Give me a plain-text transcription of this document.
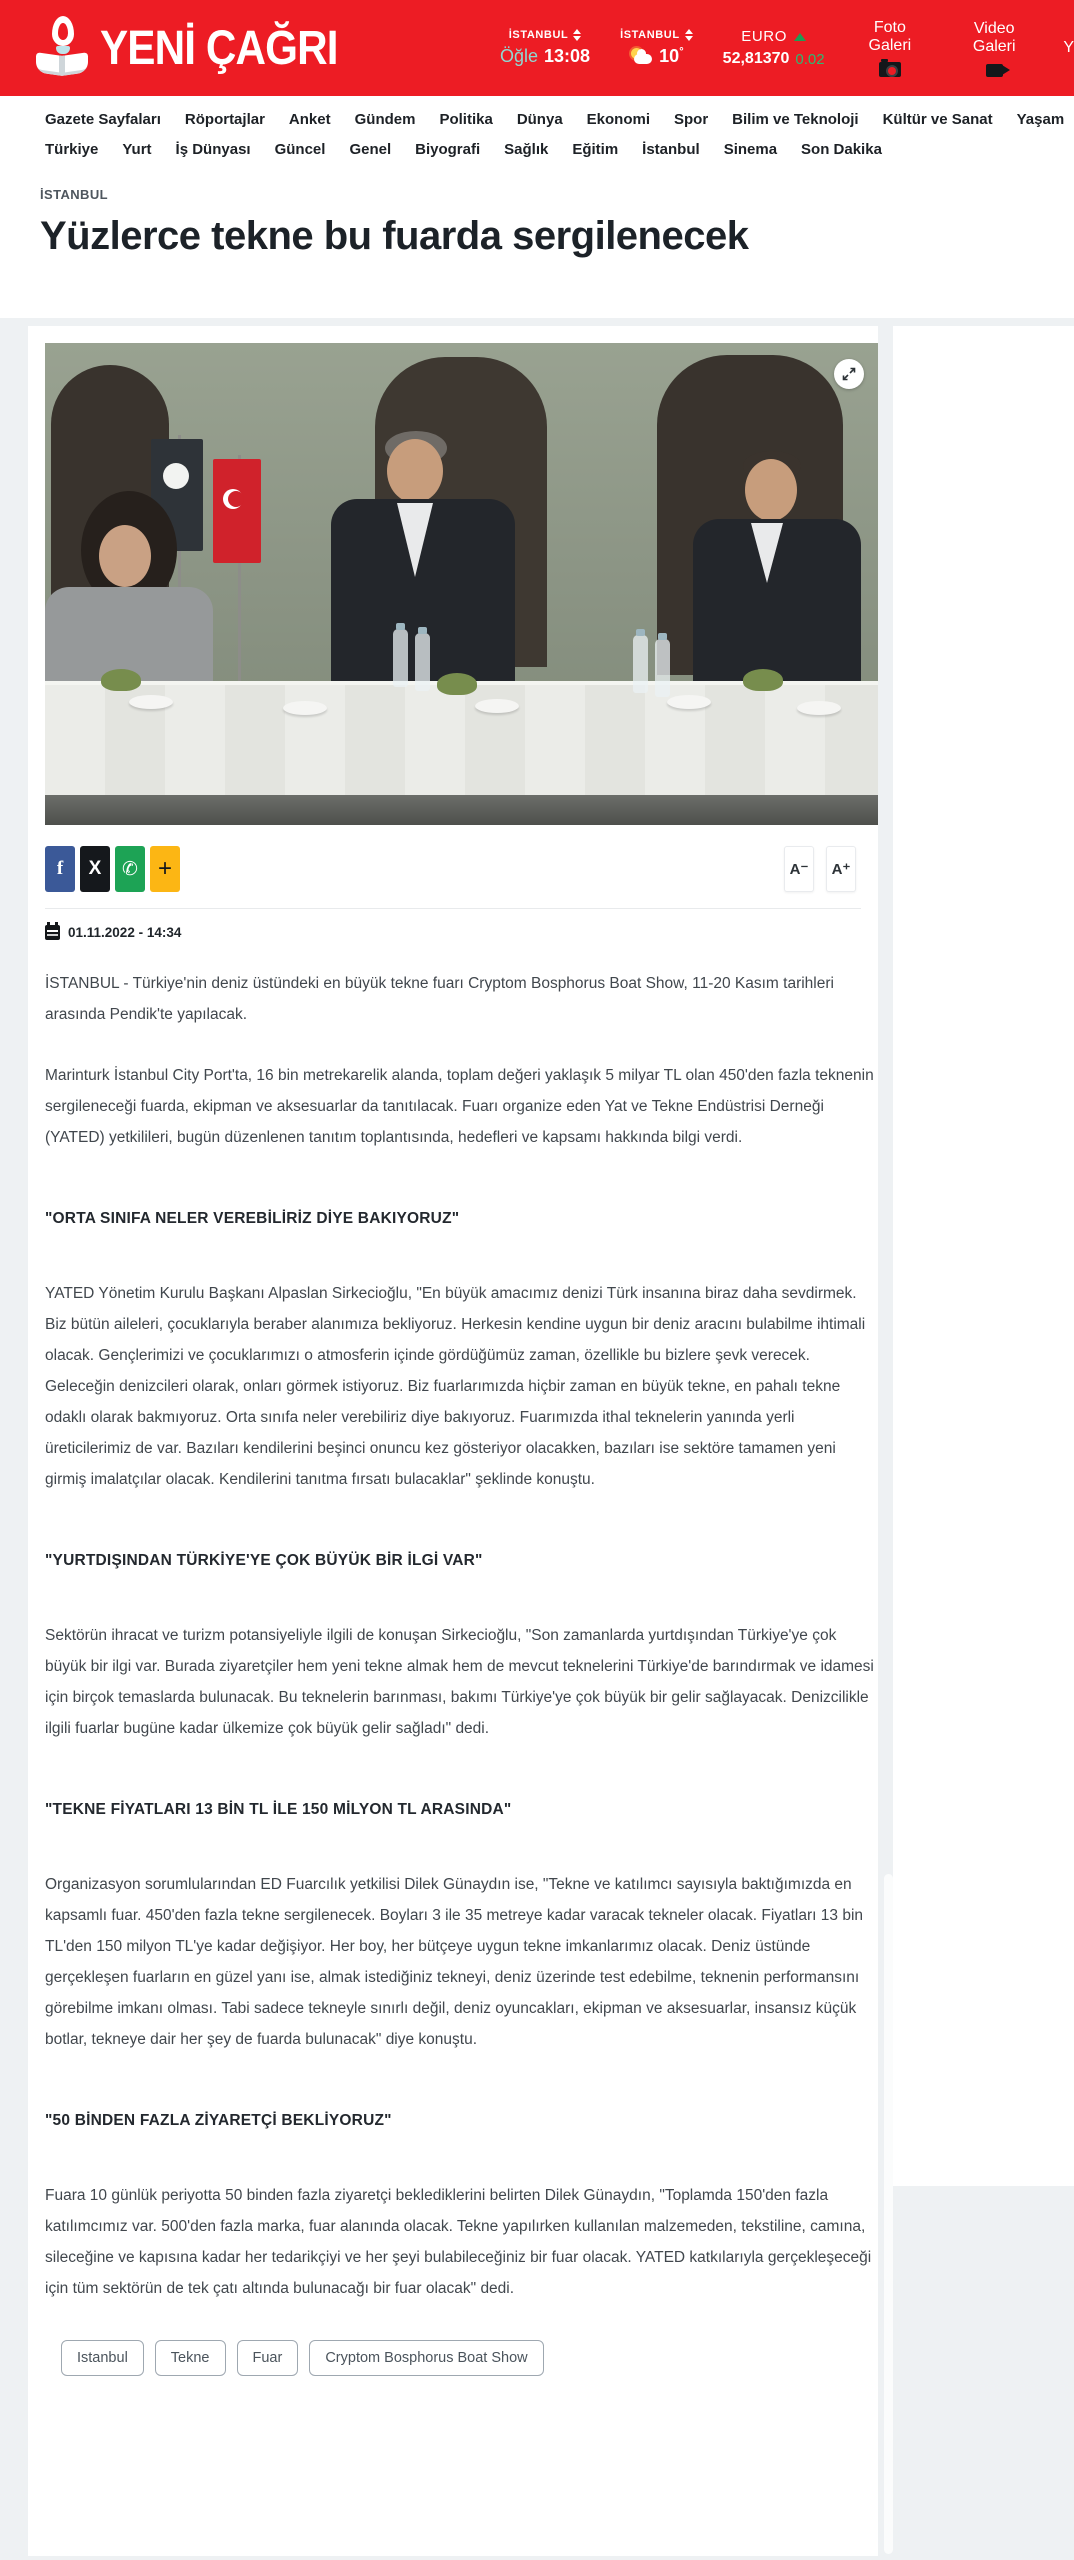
YENİ ÇAĞRI	İSTANBUL
Öğle 13:08
İSTANBUL
10°
EURO
52,81370 0.02
Foto Galeri
Video Galeri	Y
Gazete Sayfaları Röportajlar Anket Gündem Politika Dünya Ekonomi Spor Bilim ve Teknoloji Kültür ve Sanat Yaşam
Türkiye Yurt İş Dünyası Güncel Genel Biyografi Sağlık Eğitim İstanbul Sinema Son Dakika
İSTANBUL
Yüzlerce tekne bu fuarda sergilenecek
f X ✆ +	A⁻	A⁺
01.11.2022 - 14:34

İSTANBUL - Türkiye'nin deniz üstündeki en büyük tekne fuarı Cryptom Bosphorus Boat Show, 11-20 Kasım tarihleri arasında Pendik'te yapılacak.

Marinturk İstanbul City Port'ta, 16 bin metrekarelik alanda, toplam değeri yaklaşık 5 milyar TL olan 450'den fazla teknenin sergileneceği fuarda, ekipman ve aksesuarlar da tanıtılacak. Fuarı organize eden Yat ve Tekne Endüstrisi Derneği (YATED) yetkilileri, bugün düzenlenen tanıtım toplantısında, hedefleri ve kapsamı hakkında bilgi verdi.

"ORTA SINIFA NELER VEREBİLİRİZ DİYE BAKIYORUZ"

YATED Yönetim Kurulu Başkanı Alpaslan Sirkecioğlu, "En büyük amacımız denizi Türk insanına biraz daha sevdirmek. Biz bütün aileleri, çocuklarıyla beraber alanımıza bekliyoruz. Herkesin kendine uygun bir deniz aracını bulabilme ihtimali olacak. Gençlerimizi ve çocuklarımızı o atmosferin içinde gördüğümüz zaman, özellikle bu bizlere şevk verecek. Geleceğin denizcileri olarak, onları görmek istiyoruz. Biz fuarlarımızda hiçbir zaman en büyük tekne, en pahalı tekne odaklı olarak bakmıyoruz. Orta sınıfa neler verebiliriz diye bakıyoruz. Fuarımızda ithal teknelerin yanında yerli üreticilerimiz de var. Bazıları kendilerini beşinci onuncu kez gösteriyor olacakken, bazıları ise sektöre tamamen yeni girmiş imalatçılar olacak. Kendilerini tanıtma fırsatı bulacaklar" şeklinde konuştu.

"YURTDIŞINDAN TÜRKİYE'YE ÇOK BÜYÜK BİR İLGİ VAR"

Sektörün ihracat ve turizm potansiyeliyle ilgili de konuşan Sirkecioğlu, "Son zamanlarda yurtdışından Türkiye'ye çok büyük bir ilgi var. Burada ziyaretçiler hem yeni tekne almak hem de mevcut teknelerini Türkiye'de barındırmak ve idamesi için birçok temaslarda bulunacak. Bu teknelerin barınması, bakımı Türkiye'ye çok büyük bir gelir sağlayacak. Denizcilikle ilgili fuarlar bugüne kadar ülkemize çok büyük gelir sağladı" dedi.

"TEKNE FİYATLARI 13 BİN TL İLE 150 MİLYON TL ARASINDA"

Organizasyon sorumlularından ED Fuarcılık yetkilisi Dilek Günaydın ise, "Tekne ve katılımcı sayısıyla baktığımızda en kapsamlı fuar. 450'den fazla tekne sergilenecek. Boyları 3 ile 35 metreye kadar varacak tekneler olacak. Fiyatları 13 bin TL'den 150 milyon TL'ye kadar değişiyor. Her boy, her bütçeye uygun tekne imkanlarımız olacak. Deniz üstünde gerçekleşen fuarların en güzel yanı ise, almak istediğiniz tekneyi, deniz üzerinde test edebilme, teknenin performansını görebilme imkanı olması. Tabi sadece tekneyle sınırlı değil, deniz oyuncakları, ekipman ve aksesuarlar, insansız küçük botlar, tekneye dair her şey de fuarda bulunacak" diye konuştu.

"50 BİNDEN FAZLA ZİYARETÇİ BEKLİYORUZ"

Fuara 10 günlük periyotta 50 binden fazla ziyaretçi beklediklerini belirten Dilek Günaydın, "Toplamda 150'den fazla katılımcımız var. 500'den fazla marka, fuar alanında olacak. Tekne yapılırken kullanılan malzemeden, tekstiline, camına, sileceğine ve kapısına kadar her tedarikçiyi ve her şeyi bulabileceğiniz bir fuar olacak. YATED katkılarıyla gerçekleşeceği için tüm sektörün de tek çatı altında bulunacağı bir fuar olacak" dedi.

Istanbul	Tekne	Fuar	Cryptom Bosphorus Boat Show
